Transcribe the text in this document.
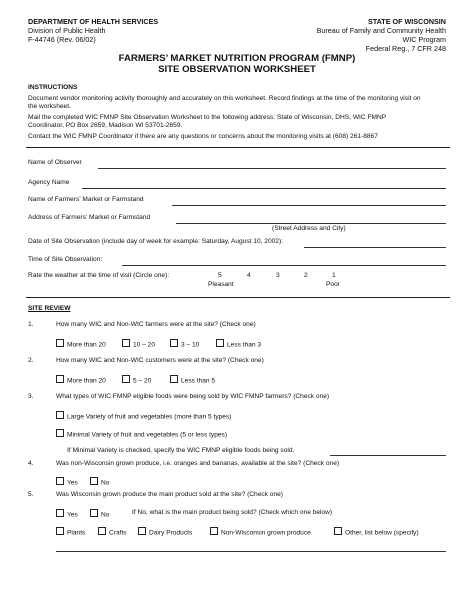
DEPARTMENT OF HEALTH SERVICES
Division of Public Health
F-44746 (Rev. 06/02)
STATE OF WISCONSIN
Bureau of Family and Community Health
WIC Program
Federal Reg., 7 CFR 248
FARMERS’ MARKET NUTRITION PROGRAM (FMNP)
SITE OBSERVATION WORKSHEET
INSTRUCTIONS
Document vendor monitoring activity thoroughly and accurately on this worksheet. Record findings at the time of the monitoring visit on
the worksheet.
Mail the completed WIC FMNP Site Observation Worksheet to the following address: State of Wisconsin, DHS, WIC FMNP
Coordinator, PO Box 2659, Madison WI 53701-2659.
Contact the WIC FMNP Coordinator if there are any questions or concerns about the monitoring visits at (608) 261-8867
Name of Observer
Agency Name
Name of Farmers’ Market or Farmstand
Address of Farmers’ Market or Farmstand
(Street Address and City)
Date of Site Observation (include day of week for example: Saturday, August 10, 2002):
Time of Site Observation:
Rate the weather at the time of visit (Circle one):	5	4	3	2	1
Pleasant	Poor
SITE REVIEW
1.	How many WIC and Non-WIC farmers were at the site? (Check one)
More than 20	10 – 20	3 – 10	Less than 3
2.	How many WIC and Non-WIC customers were at the site? (Check one)
More than 20	5 – 20	Less than 5
3.	What types of WIC FMNP eligible foods were being sold by WIC FMNP farmers? (Check one)
Large Variety of fruit and vegetables (more than 5 types)
Minimal Variety of fruit and vegetables (5 or less types)
If Minimal Variety is checked, specify the WIC FMNP eligible foods being sold.
4.	Was non-Wisconsin grown produce, i.e. oranges and bananas, available at the site? (Check one)
Yes	No
5.	Was Wisconsin grown produce the main product sold at the site? (Check one)
Yes	No	If No, what is the main product being sold? (Check which one below)
Plants	Crafts	Dairy Products	Non-Wisconsin grown produce	Other, list below (specify)
